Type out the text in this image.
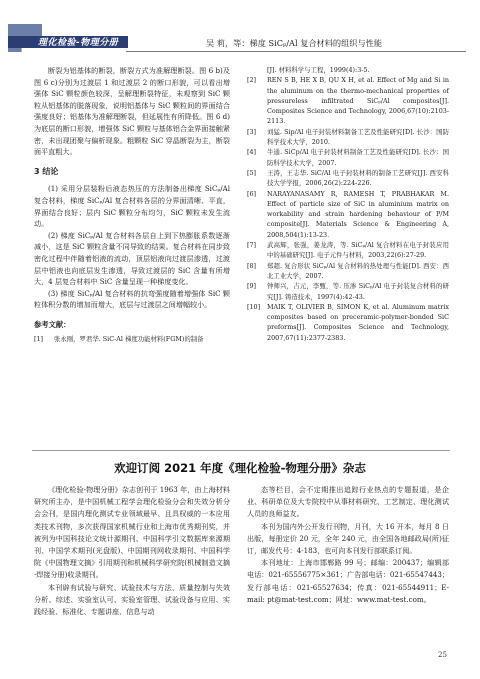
理化检验-物理分册	吴 莉，等：梯度 SiCₚ/Al 复合材料的组织与性能

断裂为铝基体的断裂，断裂方式为准解理断裂。图 6 b)及图 6 c)分别为过渡层 1 和过渡层 2 的断口形貌，可以看出增强体 SiC 颗粒颜色较深，呈解理断裂特征，未观察到 SiC 颗粒从铝基体的脱落现象，说明铝基体与 SiC 颗粒间的界面结合强度良好；铝基体为准解理断裂，但延展性有所降低。图 6 d)为底层的断口形貌，增强体 SiC 颗粒与基体铝合金界面接触紧密，未出现团聚与偏析现象。粗颗粒 SiC 穿晶断裂为主，断裂面平直粗大。

3 结论

(1) 采用分层装粉后液态热压的方法制备出梯度 SiCₚ/Al 复合材料，梯度 SiCₚ/Al 复合材料各层的分界面清晰、平直，界面结合良好；层内 SiC 颗粒分布均匀，SiC 颗粒未发生流动。

(2) 梯度 SiCₚ/Al 复合材料各层自上到下热膨胀系数逐渐减小，这是 SiC 颗粒含量不同导致的结果。复合材料在同步致密化过程中伴随着铝液的流动，顶层铝液向过渡层渗透，过渡层中铝液也向底层发生渗透，导致过渡层的 SiC 含量有所增大，4 层复合材料中 SiC 含量呈现一种梯度变化。

(3) 梯度 SiCₚ/Al 复合材料的抗弯强度随着增强体 SiC 颗粒体积分数的增加而增大，底层与过渡层之间增幅较小。

参考文献：
[1] 张永刚，罗君华. SiC-Al 梯度功能材料(FGM)的制备
[J]. 材料科学与工程，1999(4):3-5.
[2] REN S B, HE X B, QU X H, et al. Effect of Mg and Si in the aluminum on the thermo-mechanical properties of pressureless infiltrated SiCₚ/Al composites[J]. Composites Science and Technology, 2006,67(10):2103-2113.
[3] 刘猛. Sip/Al 电子封装材料制备工艺及性能研究[D]. 长沙：国防科学技术大学，2010.
[4] 牛通. SiCp/Al 电子封装材料制备工艺及性能研究[D]. 长沙：国防科学技术大学，2007.
[5] 王涛，王志华. SiC/Al 电子封装材料的制备工艺研究[J]. 西安科技大学学报，2006,26(2):224-226.
[6] NARAYANASAMY R, RAMESH T, PRABHAKAR M. Effect of particle size of SiC in aluminium matrix on workability and strain hardening behaviour of P/M composite[J]. Materials Science & Engineering A, 2008,504(1):13-23.
[7] 武高辉，张强，姜龙涛，等. SiCₚ/Al 复合材料在电子封装应用中的基础研究[J]. 电子元件与材料，2003,22(6):27-29.
[8] 郑超. 复合形状 SiCₚ/Al 复合材料的热处理与性能[D]. 西安：西北工业大学，2007.
[9] 钟师兴，吉元，李甄，等. 压渗 SiCₚ/Al 电子封装复合材料的研究[J]. 铸造技术，1997(4):42-43.
[10] MAIK T, OLIVIER B, SIMON K, et al. Aluminum matrix composites based on preceramic-polymer-bonded SiC preforms[J]. Composites Science and Technology, 2007,67(11):2377-2383.
欢迎订阅 2021 年度《理化检验-物理分册》杂志

《理化检验-物理分册》杂志创刊于 1963 年，由上海材料研究所主办，是中国机械工程学会理化检验分会和失效分析分会会刊，是国内理化测试专业领域最早、且具权威的一本应用类技术刊物，多次获得国家机械行业和上海市优秀期刊奖，并被列为中国科技论文统计源期刊、中国科学引文数据库来源期刊、中国学术期刊(光盘版)、中国期刊网收录期刊、中国科学院《中国物理文摘》引用期刊和机械科学研究院(机械制造文摘·焊接分册)收录期刊。

本刊辟有试验与研究、试验技术与方法、质量控制与失效分析、综述、实验室认可、实验室管理、试验设备与应用、实践经验、标准化、专题讲座、信息与动

态等栏目，会不定期推出追踪行业热点的专题报道，是企业、科研单位及大专院校中从事材料研究、工艺制定、理化测试人员的良师益友。

本刊为国内外公开发行刊物，月刊，大 16 开本，每月 8 日出版，每册定价 20 元，全年 240 元，由全国各地邮政局(所)征订，邮发代号：4-183，也可向本刊发行部联系订阅。

本刊地址：上海市邯郸路 99 号；邮编：200437；编辑部电话：021-65556775×361；广告部电话：021-65547443；发行部电话：021-65527634；传真：021-65544911；E-mail: pt@mat-test.com；网址：www.mat-test.com。

25
